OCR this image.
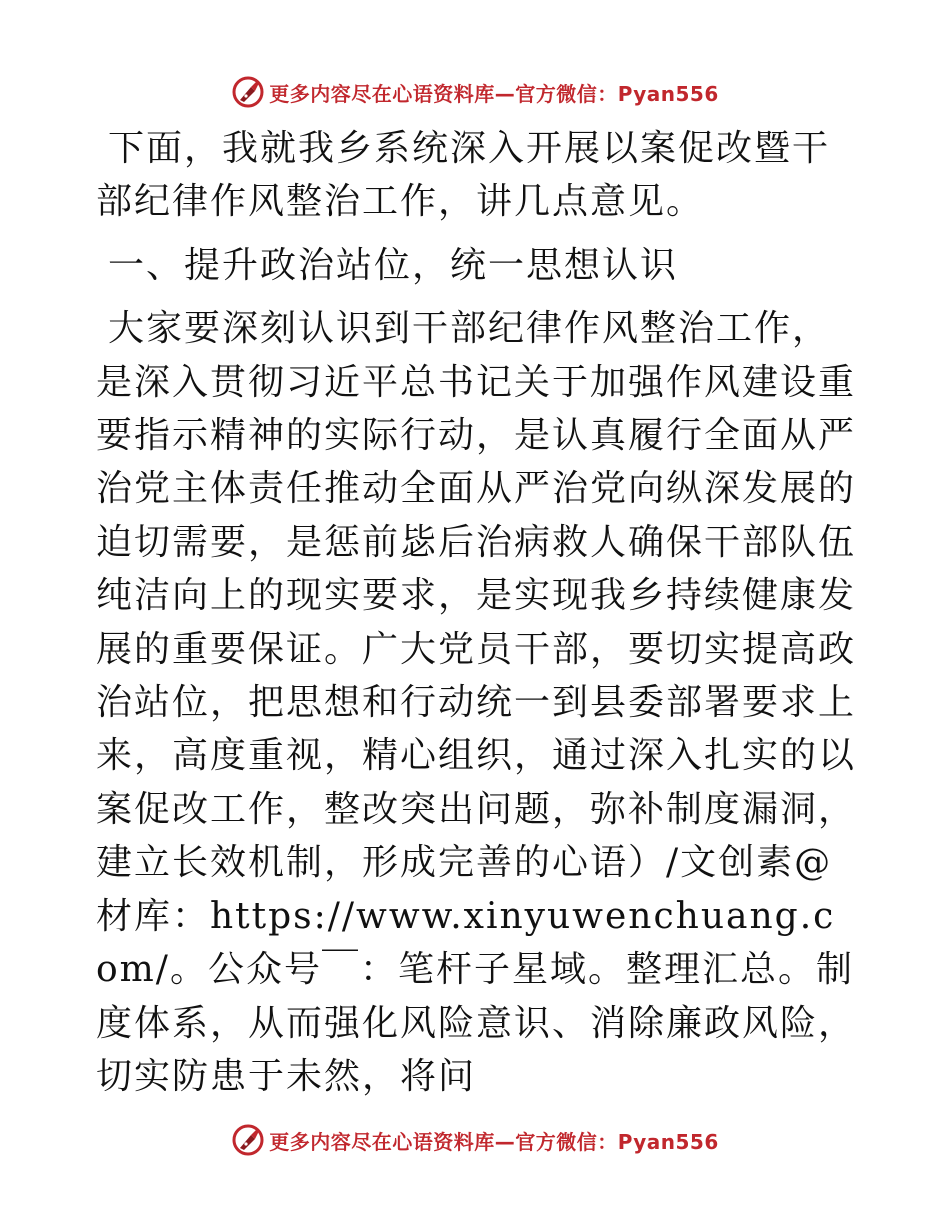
更多内容尽在心语资料库—官方微信：Pyan556

下面，我就我乡系统深入开展以案促改暨干部纪律作风整治工作，讲几点意见。

一、提升政治站位，统一思想认识

大家要深刻认识到干部纪律作风整治工作，是深入贯彻习近平总书记关于加强作风建设重要指示精神的实际行动，是认真履行全面从严治党主体责任推动全面从严治党向纵深发展的迫切需要，是惩前毖后治病救人确保干部队伍纯洁向上的现实要求，是实现我乡持续健康发展的重要保证。广大党员干部，要切实提高政治站位，把思想和行动统一到县委部署要求上来，高度重视，精心组织，通过深入扎实的以案促改工作，整改突出问题，弥补制度漏洞，建立长效机制，形成完善的心语）/文创素@材库：https://www.xinyuwenchuang.com/。公众号￣：笔杆子星域。整理汇总。制度体系，从而强化风险意识、消除廉政风险，切实防患于未然，将问

更多内容尽在心语资料库—官方微信：Pyan556
